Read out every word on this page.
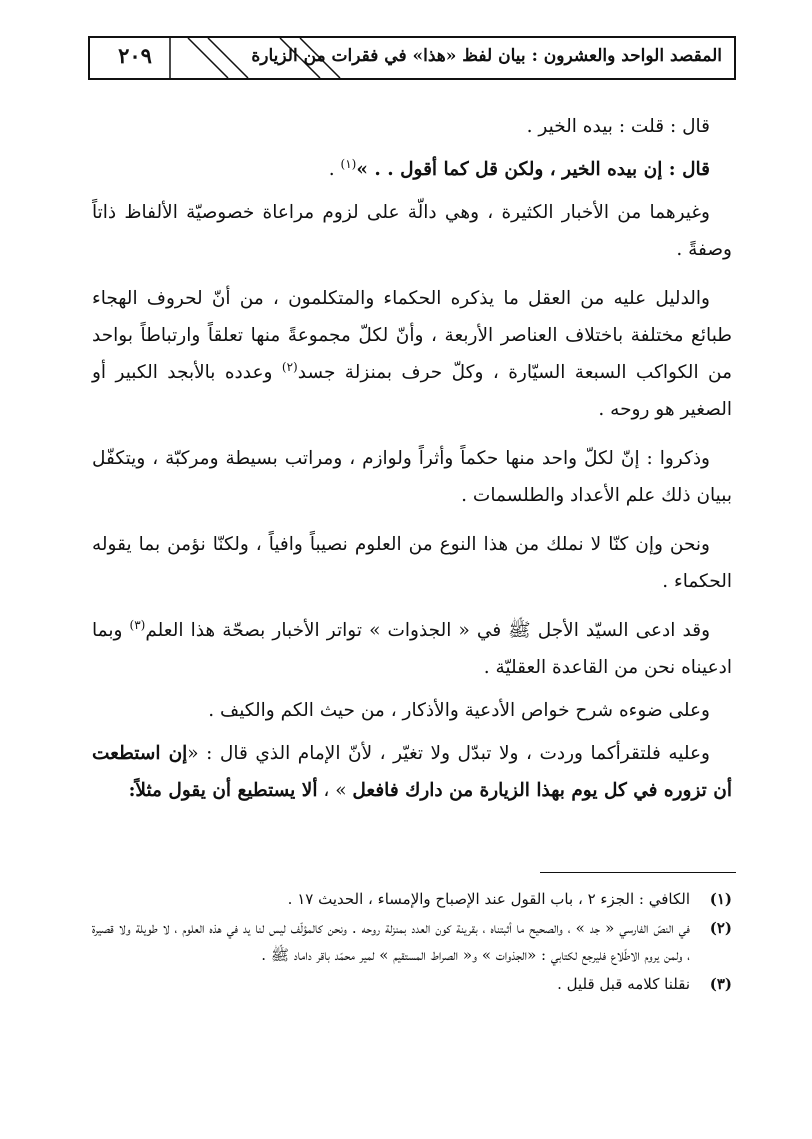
٢٠٩	المقصد الواحد والعشرون : بيان لفظ «هذا» في فقرات من الزيارة

قال : قلت : بيده الخير .

قال : إن بيده الخير ، ولكن قل كما أقول . . »$^{(١)}$ .

وغيرهما من الأخبار الكثيرة ، وهي دالّة على لزوم مراعاة خصوصيّة الألفاظ ذاتاً وصفةً .

والدليل عليه من العقل ما يذكره الحكماء والمتكلمون ، من أنّ لحروف الهجاء طبائع مختلفة باختلاف العناصر الأربعة ، وأنّ لكلّ مجموعةً منها تعلقاً وارتباطاً بواحد من الكواكب السبعة السيّارة ، وكلّ حرف بمنزلة جسد$^{(٢)}$ وعدده بالأبجد الكبير أو الصغير هو روحه .

وذكروا : إنّ لكلّ واحد منها حكماً وأثراً ولوازم ، ومراتب بسيطة ومركبّة ، ويتكفّل ببيان ذلك علم الأعداد والطلسمات .

ونحن وإن كنّا لا نملك من هذا النوع من العلوم نصيباً وافياً ، ولكنّا نؤمن بما يقوله الحكماء .

وقد ادعى السيّد الأجل ﷺ في « الجذوات » تواتر الأخبار بصحّة هذا العلم$^{(٣)}$ وبما ادعيناه نحن من القاعدة العقليّة .

وعلى ضوءه شرح خواص الأدعية والأذكار ، من حيث الكم والكيف .

وعليه فلتقرأكما وردت ، ولا تبدّل ولا تغيّر ، لأنّ الإمام الذي قال : «إن استطعت أن تزوره في كل يوم بهذا الزيارة من دارك فافعل » ، ألا يستطيع أن يقول مثلاً:

(١)
الكافي : الجزء ٢ ، باب القول عند الإصباح والإمساء ، الحديث ١٧ .
(٢)
في النصّ الفارسي « جد » ، والصحيح ما أثبتناه ، بقرينة كون العدد بمنزلة روحه . ونحن كالمؤلّف ليس لنا يد في هذه العلوم ، لا طويلة ولا قصيرة ، ولمن يروم الاطّلاع فليرجع لكتابي : «الجذوات » و« الصراط المستقيم » لمير محمّد باقر داماد ﷺ .
(٣)
نقلنا كلامه قبل قليل .
